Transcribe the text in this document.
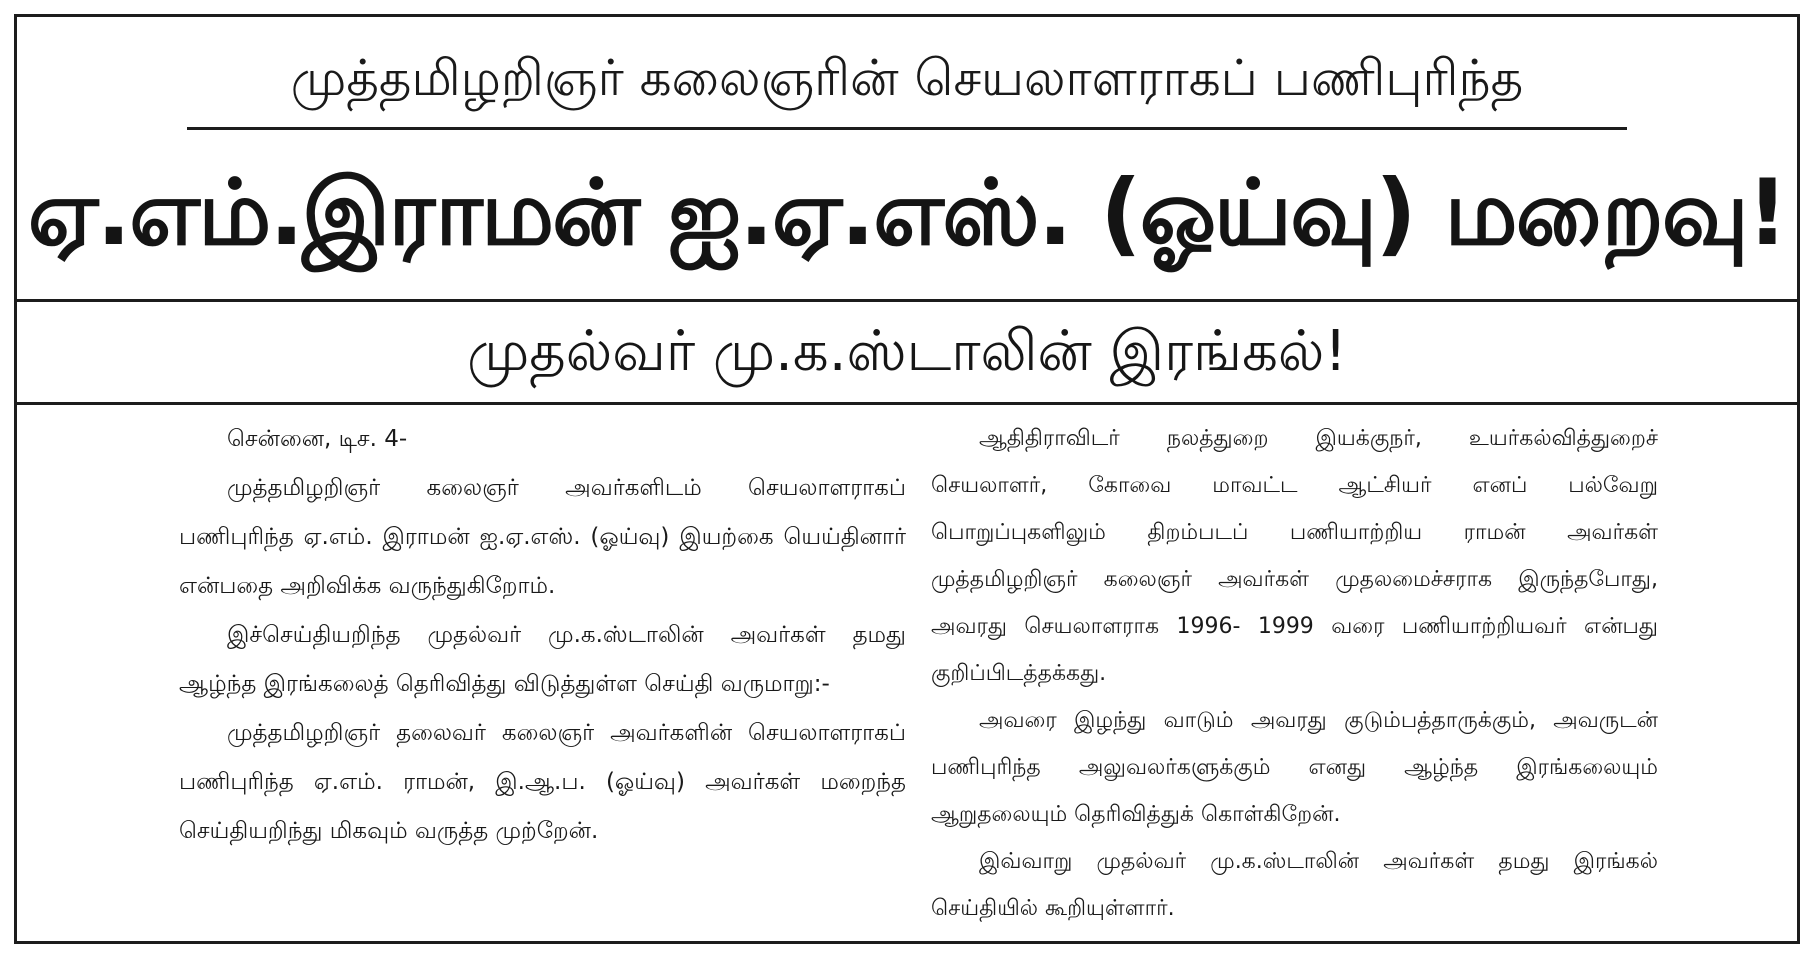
முத்தமிழறிஞர் கலைஞரின் செயலாளராகப் பணிபுரிந்த
ஏ.எம்.இராமன் ஐ.ஏ.எஸ். (ஓய்வு) மறைவு!
முதல்வர் மு.க.ஸ்டாலின் இரங்கல்!

சென்னை, டிச. 4-

முத்தமிழறிஞர் கலைஞர் அவர்களிடம் செயலாளராகப் பணிபுரிந்த ஏ.எம். இராமன் ஐ.ஏ.எஸ். (ஓய்வு) இயற்கை யெய்தினார் என்பதை அறிவிக்க வருந்துகிறோம்.

இச்செய்தியறிந்த முதல்வர் மு.க.ஸ்டாலின் அவர்கள் தமது ஆழ்ந்த இரங்கலைத் தெரிவித்து விடுத்துள்ள செய்தி வருமாறு:-

முத்தமிழறிஞர் தலைவர் கலைஞர் அவர்களின் செயலாளராகப் பணிபுரிந்த ஏ.எம். ராமன், இ.ஆ.ப. (ஓய்வு) அவர்கள் மறைந்த செய்தியறிந்து மிகவும் வருத்த முற்றேன்.

ஆதிதிராவிடர் நலத்துறை இயக்குநர், உயர்கல்வித்துறைச் செயலாளர், கோவை மாவட்ட ஆட்சியர் எனப் பல்வேறு பொறுப்புகளிலும் திறம்படப் பணியாற்றிய ராமன் அவர்கள் முத்தமிழறிஞர் கலைஞர் அவர்கள் முதலமைச்சராக இருந்தபோது, அவரது செயலாளராக 1996- 1999 வரை பணியாற்றியவர் என்பது குறிப்பிடத்தக்கது.

அவரை இழந்து வாடும் அவரது குடும்பத்தாருக்கும், அவருடன் பணிபுரிந்த அலுவலர்களுக்கும் எனது ஆழ்ந்த இரங்கலையும் ஆறுதலையும் தெரிவித்துக் கொள்கிறேன்.

இவ்வாறு முதல்வர் மு.க.ஸ்டாலின் அவர்கள் தமது இரங்கல் செய்தியில் கூறியுள்ளார்.
